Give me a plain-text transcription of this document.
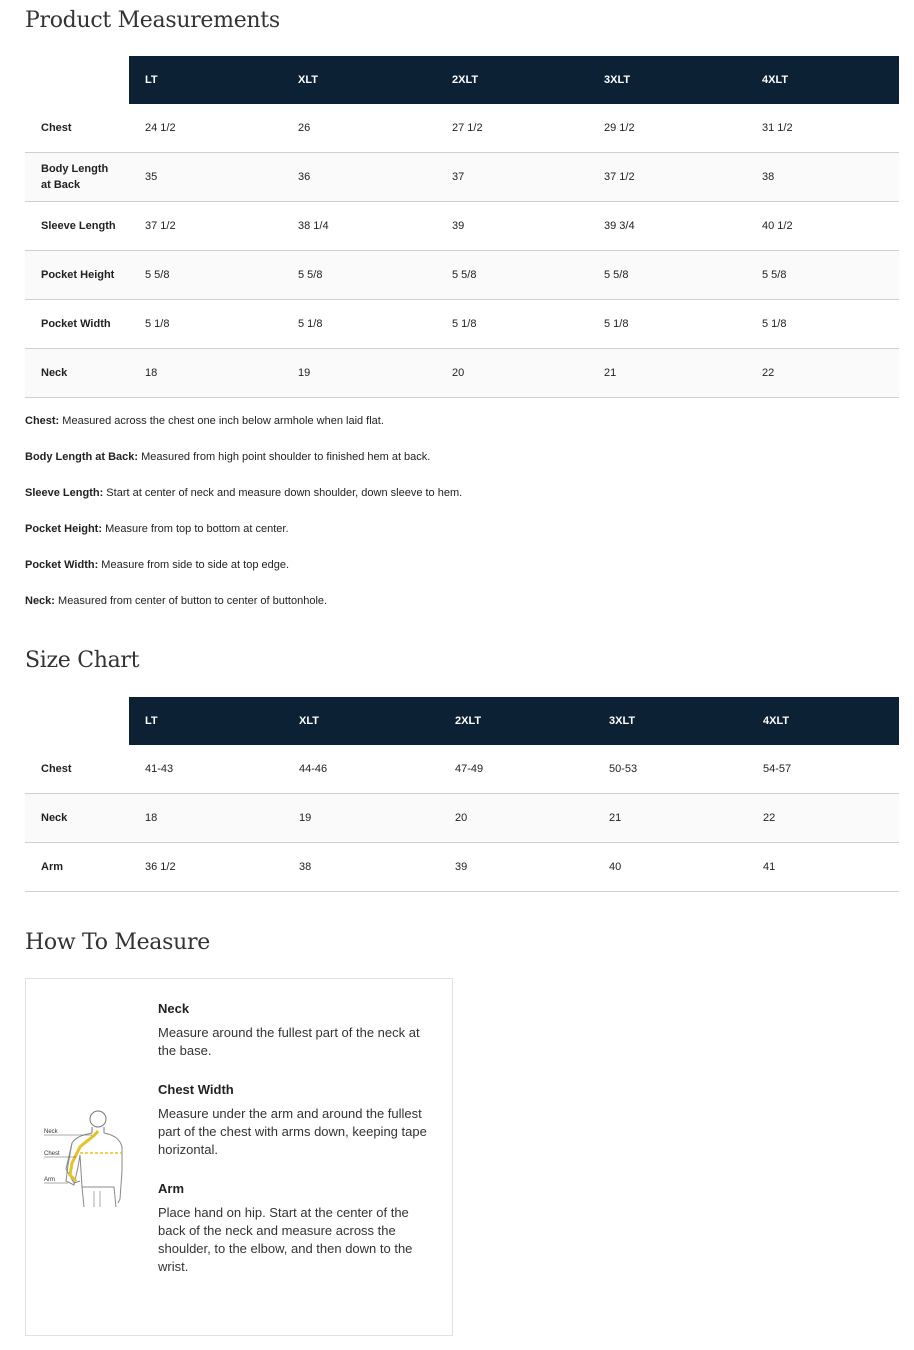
Product Measurements
	LT	XLT	2XLT	3XLT	4XLT
Chest	24 1/2	26	27 1/2	29 1/2	31 1/2
Body Length at Back	35	36	37	37 1/2	38
Sleeve Length	37 1/2	38 1/4	39	39 3/4	40 1/2
Pocket Height	5 5/8	5 5/8	5 5/8	5 5/8	5 5/8
Pocket Width	5 1/8	5 1/8	5 1/8	5 1/8	5 1/8
Neck	18	19	20	21	22
Chest: Measured across the chest one inch below armhole when laid flat.
Body Length at Back: Measured from high point shoulder to finished hem at back.
Sleeve Length: Start at center of neck and measure down shoulder, down sleeve to hem.
Pocket Height: Measure from top to bottom at center.
Pocket Width: Measure from side to side at top edge.
Neck: Measured from center of button to center of buttonhole.
Size Chart
	LT	XLT	2XLT	3XLT	4XLT
Chest	41-43	44-46	47-49	50-53	54-57
Neck	18	19	20	21	22
Arm	36 1/2	38	39	40	41
How To Measure
Neck
Chest
Arm
Neck
Measure around the fullest part of the neck at the base.
Chest Width
Measure under the arm and around the fullest part of the chest with arms down, keeping tape horizontal.
Arm
Place hand on hip. Start at the center of the back of the neck and measure across the shoulder, to the elbow, and then down to the wrist.
